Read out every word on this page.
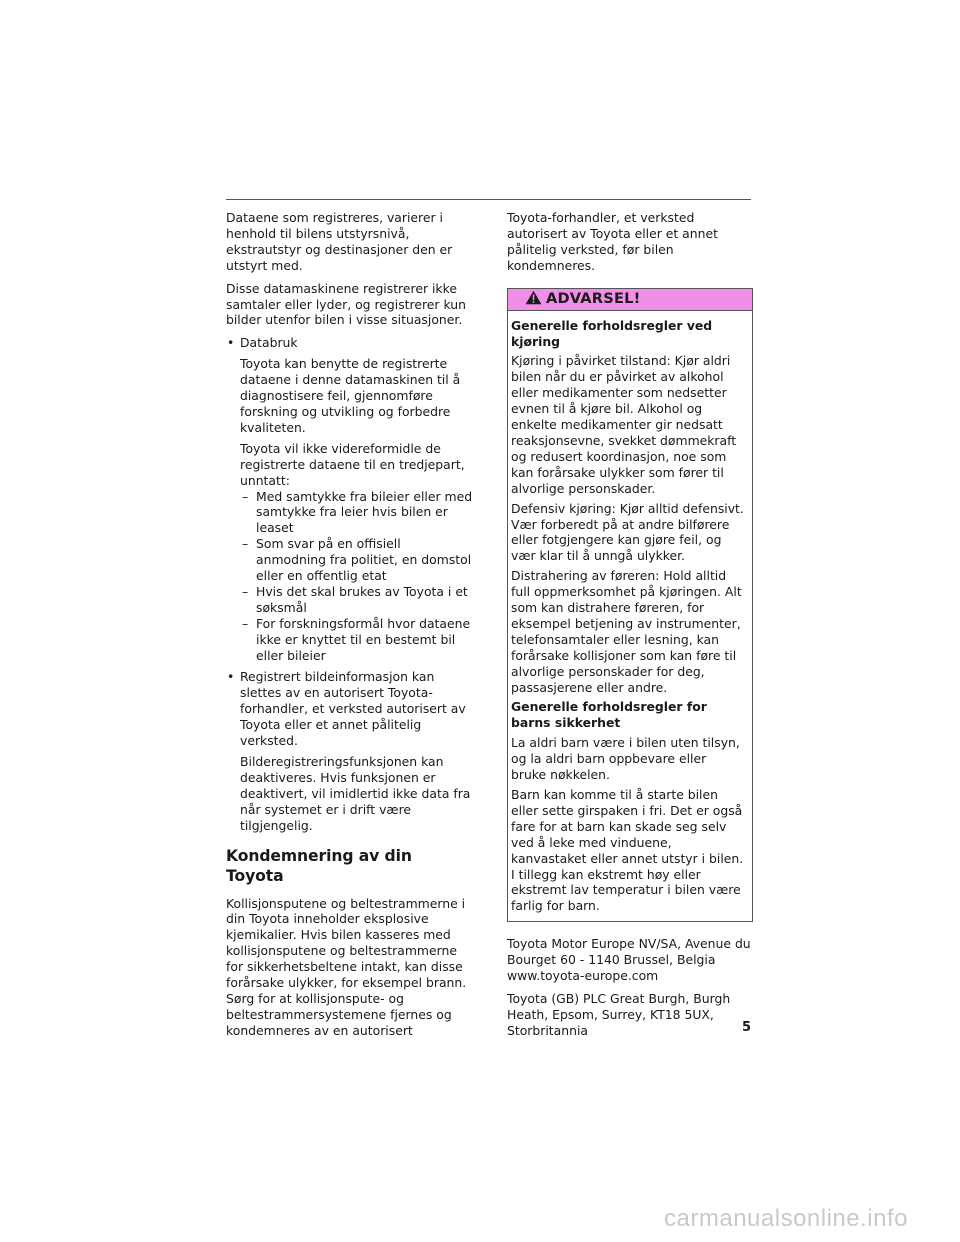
Dataene som registreres, varierer i henhold til bilens utstyrsnivå, ekstrautstyr og destinasjoner den er utstyrt med.

Disse datamaskinene registrerer ikke samtaler eller lyder, og registrerer kun bilder utenfor bilen i visse situasjoner.

• Databruk

Toyota kan benytte de registrerte dataene i denne datamaskinen til å diagnostisere feil, gjennomføre forskning og utvikling og forbedre kvaliteten.

Toyota vil ikke videreformidle de registrerte dataene til en tredjepart, unntatt:

– Med samtykke fra bileier eller med samtykke fra leier hvis bilen er leaset
– Som svar på en offisiell anmodning fra politiet, en domstol eller en offentlig etat
– Hvis det skal brukes av Toyota i et søksmål
– For forskningsformål hvor dataene ikke er knyttet til en bestemt bil eller bileier
• Registrert bildeinformasjon kan slettes av en autorisert Toyota-forhandler, et verksted autorisert av Toyota eller et annet pålitelig verksted.

Bilderegistreringsfunksjonen kan deaktiveres. Hvis funksjonen er deaktivert, vil imidlertid ikke data fra når systemet er i drift være tilgjengelig.

Kondemnering av din Toyota

Kollisjonsputene og beltestrammerne i din Toyota inneholder eksplosive kjemikalier. Hvis bilen kasseres med kollisjonsputene og beltestrammerne for sikkerhetsbeltene intakt, kan disse forårsake ulykker, for eksempel brann. Sørg for at kollisjonspute- og beltestrammersystemene fjernes og kondemneres av en autorisert

Toyota-forhandler, et verksted autorisert av Toyota eller et annet pålitelig verksted, før bilen kondemneres.

ADVARSEL!

Generelle forholdsregler ved kjøring

Kjøring i påvirket tilstand: Kjør aldri bilen når du er påvirket av alkohol eller medikamenter som nedsetter evnen til å kjøre bil. Alkohol og enkelte medikamenter gir nedsatt reaksjonsevne, svekket dømmekraft og redusert koordinasjon, noe som kan forårsake ulykker som fører til alvorlige personskader.

Defensiv kjøring: Kjør alltid defensivt. Vær forberedt på at andre bilførere eller fotgjengere kan gjøre feil, og vær klar til å unngå ulykker.

Distrahering av føreren: Hold alltid full oppmerksomhet på kjøringen. Alt som kan distrahere føreren, for eksempel betjening av instrumenter, telefonsamtaler eller lesning, kan forårsake kollisjoner som kan føre til alvorlige personskader for deg, passasjerene eller andre.

Generelle forholdsregler for barns sikkerhet

La aldri barn være i bilen uten tilsyn, og la aldri barn oppbevare eller bruke nøkkelen.

Barn kan komme til å starte bilen eller sette girspaken i fri. Det er også fare for at barn kan skade seg selv ved å leke med vinduene, kanvastaket eller annet utstyr i bilen. I tillegg kan ekstremt høy eller ekstremt lav temperatur i bilen være farlig for barn.

Toyota Motor Europe NV/SA, Avenue du Bourget 60 - 1140 Brussel, Belgia
www.toyota-europe.com

Toyota (GB) PLC Great Burgh, Burgh Heath, Epsom, Surrey, KT18 5UX, Storbritannia	5
carmanualsonline.info
